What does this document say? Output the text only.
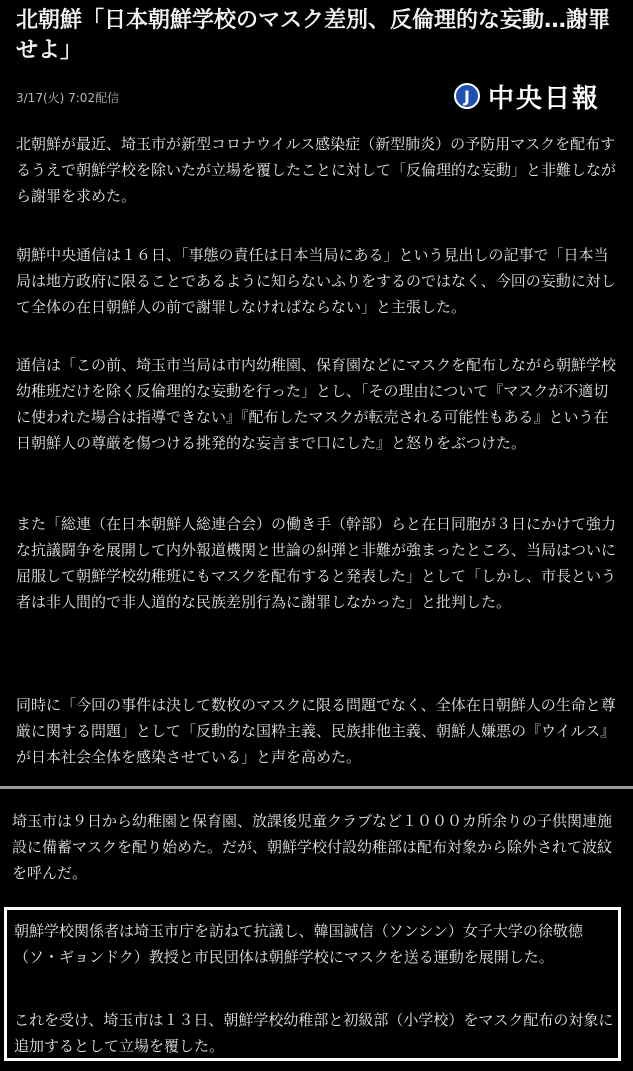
北朝鮮「日本朝鮮学校のマスク差別、反倫理的な妄動…謝罪せよ」
3/17(火) 7:02配信	J 中央日報

北朝鮮が最近、埼玉市が新型コロナウイルス感染症（新型肺炎）の予防用マスクを配布するうえで朝鮮学校を除いたが立場を覆したことに対して「反倫理的な妄動」と非難しながら謝罪を求めた。

朝鮮中央通信は１６日、「事態の責任は日本当局にある」という見出しの記事で「日本当局は地方政府に限ることであるように知らないふりをするのではなく、今回の妄動に対して全体の在日朝鮮人の前で謝罪しなければならない」と主張した。

通信は「この前、埼玉市当局は市内幼稚園、保育園などにマスクを配布しながら朝鮮学校幼稚班だけを除く反倫理的な妄動を行った」とし、「その理由について『マスクが不適切に使われた場合は指導できない』『配布したマスクが転売される可能性もある』という在日朝鮮人の尊厳を傷つける挑発的な妄言まで口にした』と怒りをぶつけた。

また「総連（在日本朝鮮人総連合会）の働き手（幹部）らと在日同胞が３日にかけて強力な抗議闘争を展開して内外報道機関と世論の糾弾と非難が強まったところ、当局はついに屈服して朝鮮学校幼稚班にもマスクを配布すると発表した」として「しかし、市長という者は非人間的で非人道的な民族差別行為に謝罪しなかった」と批判した。

同時に「今回の事件は決して数枚のマスクに限る問題でなく、全体在日朝鮮人の生命と尊厳に関する問題」として「反動的な国粋主義、民族排他主義、朝鮮人嫌悪の『ウイルス』が日本社会全体を感染させている」と声を高めた。

埼玉市は９日から幼稚園と保育園、放課後児童クラブなど１０００カ所余りの子供関連施設に備蓄マスクを配り始めた。だが、朝鮮学校付設幼稚部は配布対象から除外されて波紋を呼んだ。

朝鮮学校関係者は埼玉市庁を訪ねて抗議し、韓国誠信（ソンシン）女子大学の徐敬徳（ソ・ギョンドク）教授と市民団体は朝鮮学校にマスクを送る運動を展開した。

これを受け、埼玉市は１３日、朝鮮学校幼稚部と初級部（小学校）をマスク配布の対象に追加するとして立場を覆した。
